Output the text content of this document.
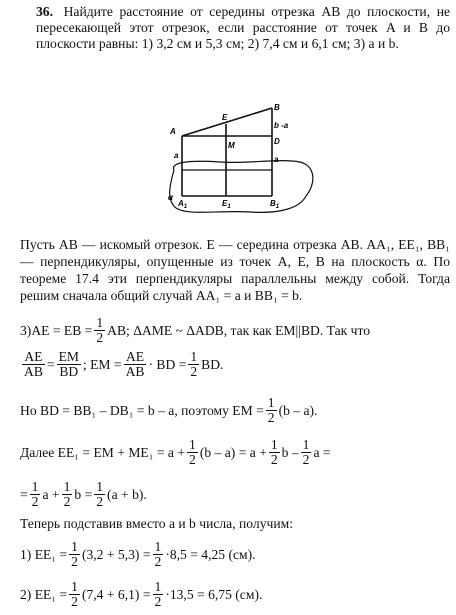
36. Найдите расстояние от середины отрезка AB до плоскости, не пересекающей этот отрезок, если расстояние от точек A и B до плоскости равны: 1) 3,2 см и 5,3 см; 2) 7,4 см и 6,1 см; 3) a и b.
A
E
B
b -a
D
M
a	a
α
$A_1$	$E_1$	$B_1$
Пусть AB — искомый отрезок. E — середина отрезка AB. AA₁, EE₁, BB₁ — перпендикуляры, опущенные из точек A, E, B на плоскость α. По теореме 17.4 эти перпендикуляры параллельны между собой. Тогда решим сначала общий случай AA₁ = a и BB₁ = b.
3)AE = EB = $\frac{1}{2}$ AB; ΔAME ~ ΔADB, так как EM||BD. Так что
$\frac{AE}{AB} = \frac{EM}{BD}$ ; EM = $\frac{AE}{AB}$ · BD = $\frac{1}{2}$ BD.
Но BD = BB₁ – DB₁ = b – a, поэтому EM = $\frac{1}{2} (b - a)$.
Далее EE₁ = EM + $ME_1 = a + \frac{1}{2} (b - a) = a + \frac{1}{2}$ b – $\frac{1}{2}$ a =
= $\frac{1}{2}$ $a + \frac{1}{2}$ $b = \frac{1}{2} (a + b)$.
Теперь подставив вместо a и b числа, получим:
1) $EE_1 = \frac{1}{2} (3,2 + 5,3) = \frac{1}{2} \cdot 8,5 = 4,25$ (см).
2) $EE_1 = \frac{1}{2} (7,4 + 6,1) = \frac{1}{2} \cdot 13,5 = 6,75$ (см).
